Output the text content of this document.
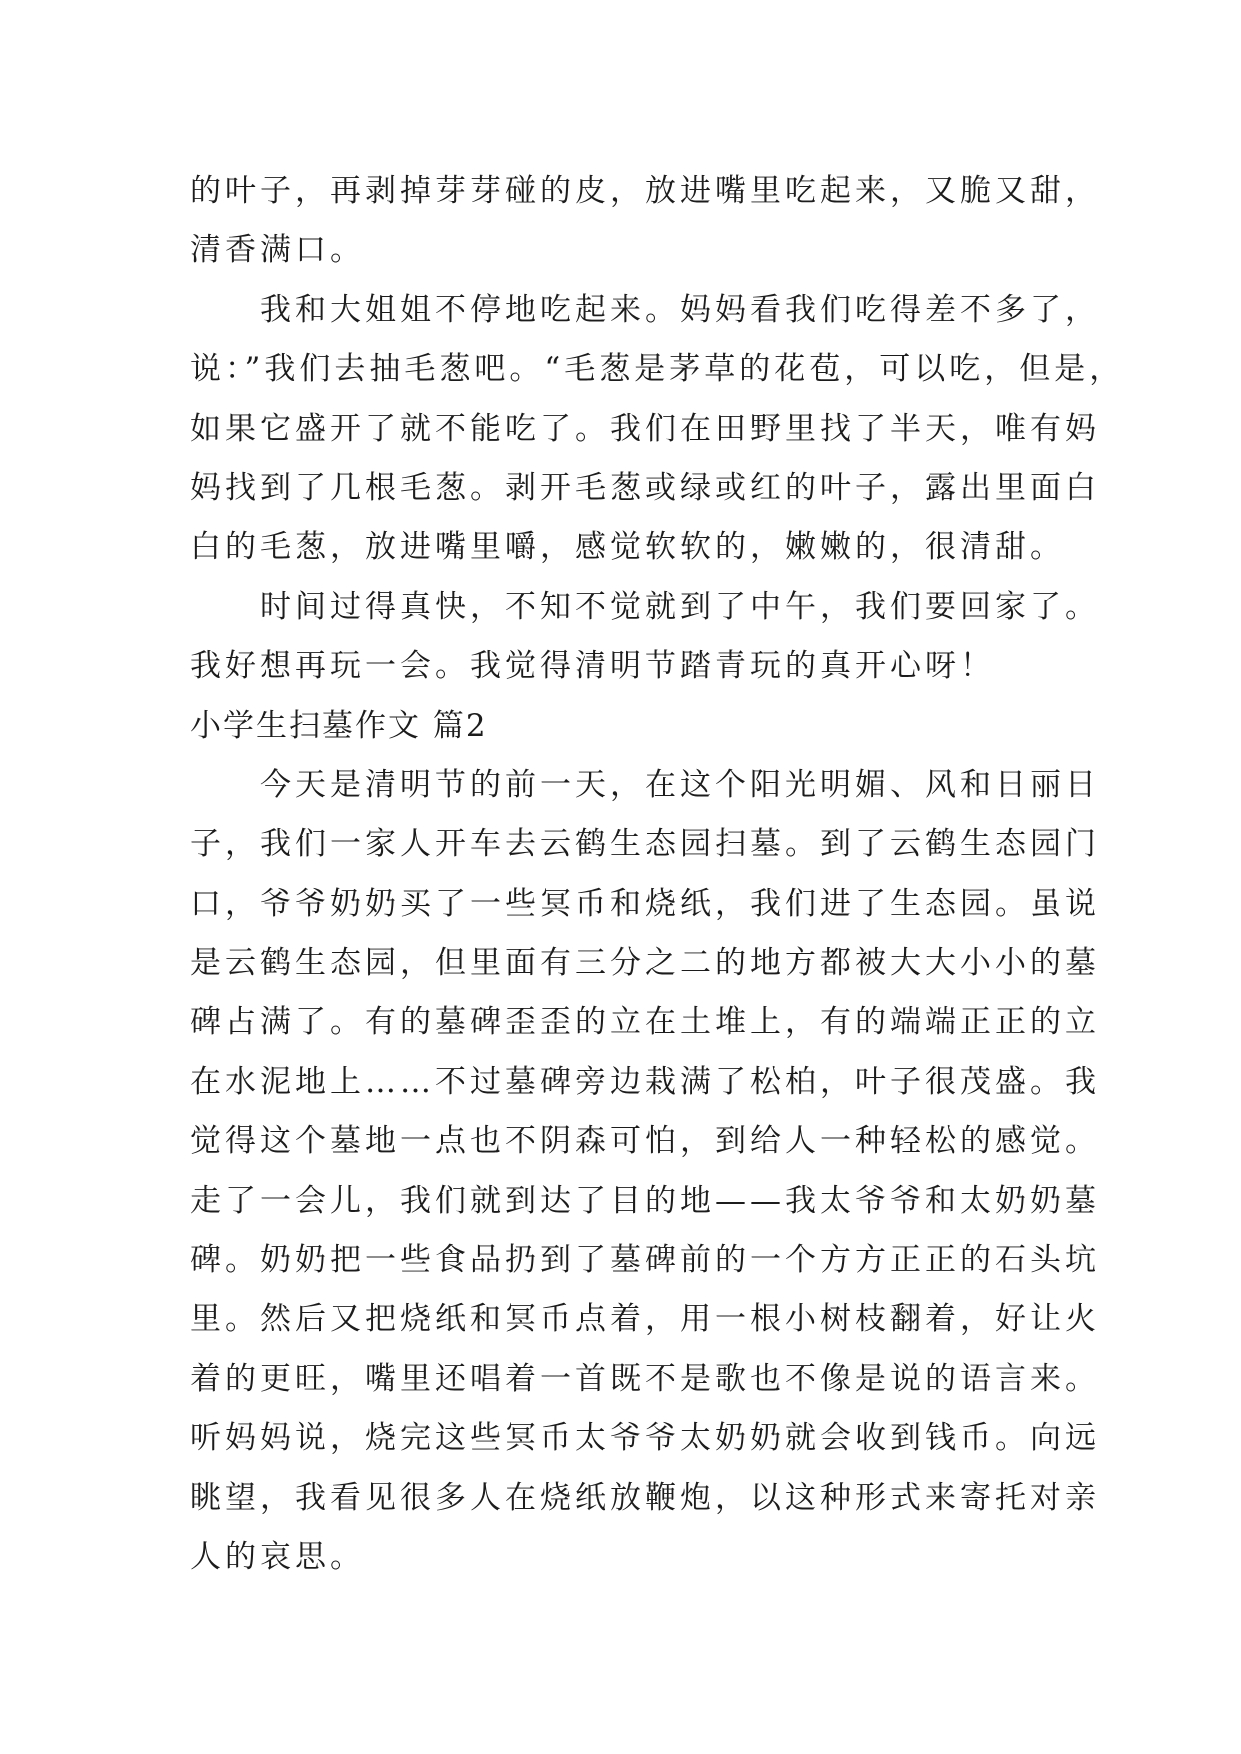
的叶子，再剥掉芽芽碰的皮，放进嘴里吃起来，又脆又甜，
清香满口。
我和大姐姐不停地吃起来。妈妈看我们吃得差不多了，
说：”我们去抽毛葱吧。“毛葱是茅草的花苞，可以吃，但是，
如果它盛开了就不能吃了。我们在田野里找了半天，唯有妈
妈找到了几根毛葱。剥开毛葱或绿或红的叶子，露出里面白
白的毛葱，放进嘴里嚼，感觉软软的，嫩嫩的，很清甜。
时间过得真快，不知不觉就到了中午，我们要回家了。
我好想再玩一会。我觉得清明节踏青玩的真开心呀！
小学生扫墓作文 篇2
今天是清明节的前一天，在这个阳光明媚、风和日丽日
子，我们一家人开车去云鹤生态园扫墓。到了云鹤生态园门
口，爷爷奶奶买了一些冥币和烧纸，我们进了生态园。虽说
是云鹤生态园，但里面有三分之二的地方都被大大小小的墓
碑占满了。有的墓碑歪歪的立在土堆上，有的端端正正的立
在水泥地上……不过墓碑旁边栽满了松柏，叶子很茂盛。我
觉得这个墓地一点也不阴森可怕，到给人一种轻松的感觉。
走了一会儿，我们就到达了目的地——我太爷爷和太奶奶墓
碑。奶奶把一些食品扔到了墓碑前的一个方方正正的石头坑
里。然后又把烧纸和冥币点着，用一根小树枝翻着，好让火
着的更旺，嘴里还唱着一首既不是歌也不像是说的语言来。
听妈妈说，烧完这些冥币太爷爷太奶奶就会收到钱币。向远
眺望，我看见很多人在烧纸放鞭炮，以这种形式来寄托对亲
人的哀思。
